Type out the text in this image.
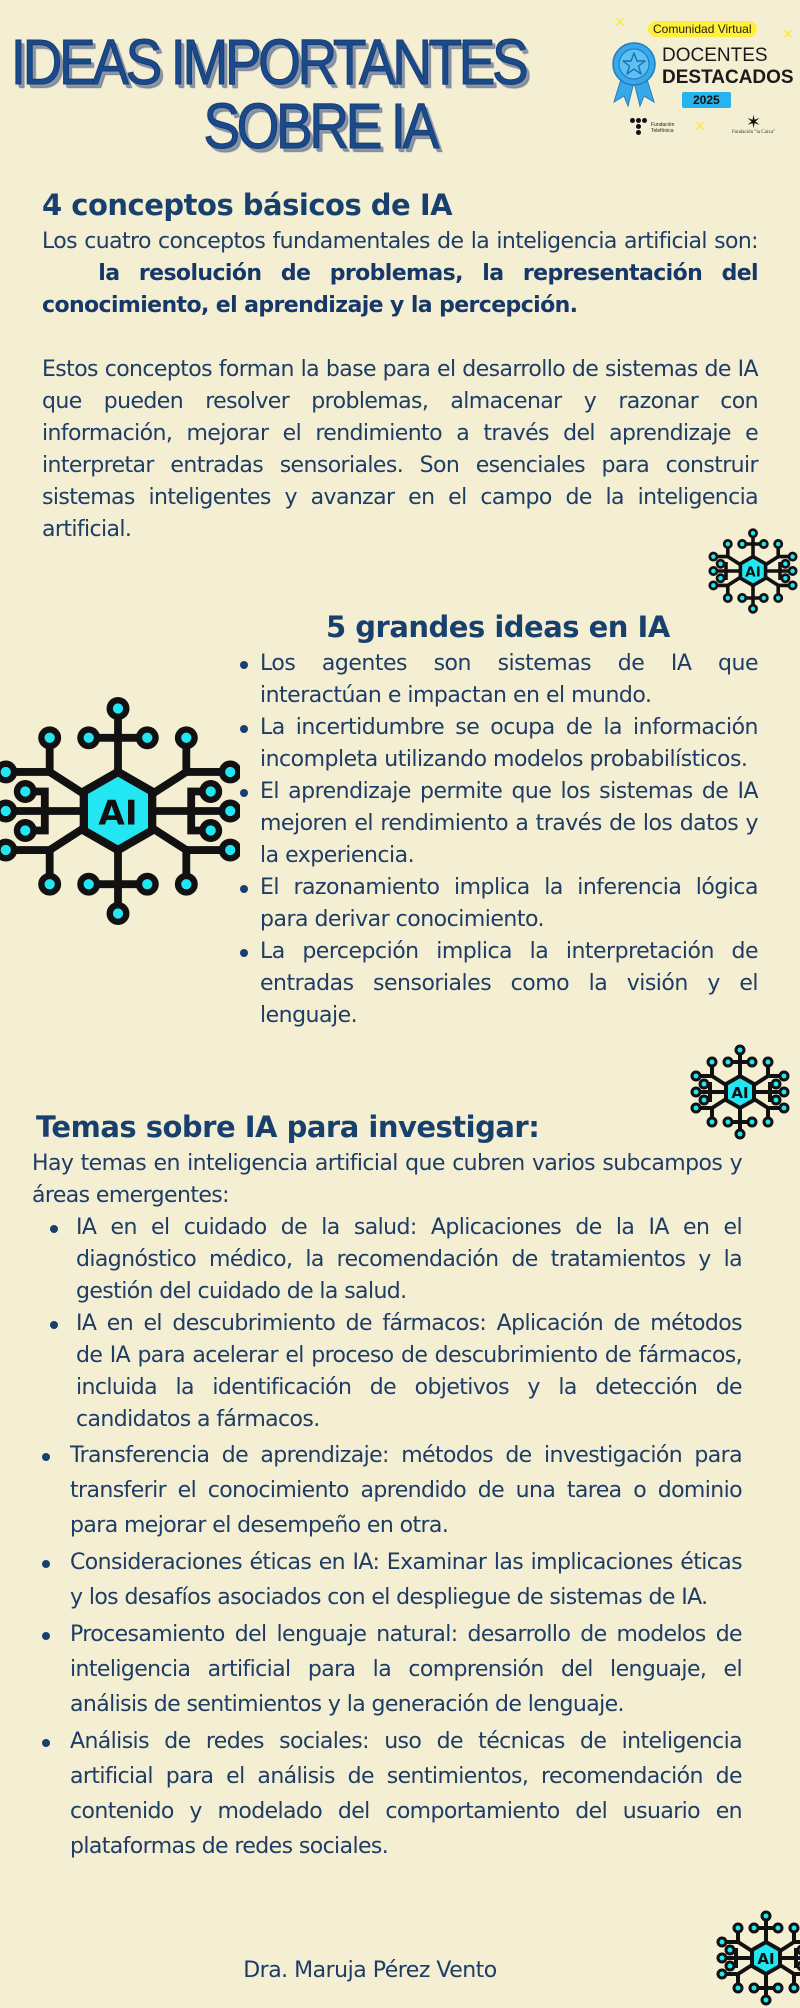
IDEAS IMPORTANTES
SOBRE IA
✕
✕
✕
Comunidad Virtual
DOCENTES
DESTACADOS
2025
Fundación
Telefónica	✶
Fundación "la Caixa"
4 conceptos básicos de IA

Los cuatro conceptos fundamentales de la inteligencia artificial son:    la resolución de problemas, la representación del conocimiento, el aprendizaje y la percepción.

Estos conceptos forman la base para el desarrollo de sistemas de IA que pueden resolver problemas, almacenar y razonar con información, mejorar el rendimiento a través del aprendizaje e interpretar entradas sensoriales. Son esenciales para construir sistemas inteligentes y avanzar en el campo de la inteligencia artificial.

AI
5 grandes ideas en IA
AI
Los agentes son sistemas de IA que interactúan e impactan en el mundo.
La incertidumbre se ocupa de la información incompleta utilizando modelos probabilísticos.
El aprendizaje permite que los sistemas de IA mejoren el rendimiento a través de los datos y la experiencia.
El razonamiento implica la inferencia lógica para derivar conocimiento.
La percepción implica la interpretación de entradas sensoriales como la visión y el lenguaje.
AI
Temas sobre IA para investigar:

Hay temas en inteligencia artificial que cubren varios subcampos y áreas emergentes:

IA en el cuidado de la salud: Aplicaciones de la IA en el diagnóstico médico, la recomendación de tratamientos y la gestión del cuidado de la salud.
IA en el descubrimiento de fármacos: Aplicación de métodos de IA para acelerar el proceso de descubrimiento de fármacos, incluida la identificación de objetivos y la detección de candidatos a fármacos.
Transferencia de aprendizaje: métodos de investigación para transferir el conocimiento aprendido de una tarea o dominio para mejorar el desempeño en otra.
Consideraciones éticas en IA: Examinar las implicaciones éticas y los desafíos asociados con el despliegue de sistemas de IA.
Procesamiento del lenguaje natural: desarrollo de modelos de inteligencia artificial para la comprensión del lenguaje, el análisis de sentimientos y la generación de lenguaje.
Análisis de redes sociales: uso de técnicas de inteligencia artificial para el análisis de sentimientos, recomendación de contenido y modelado del comportamiento del usuario en plataformas de redes sociales.
AI
Dra. Maruja Pérez Vento
